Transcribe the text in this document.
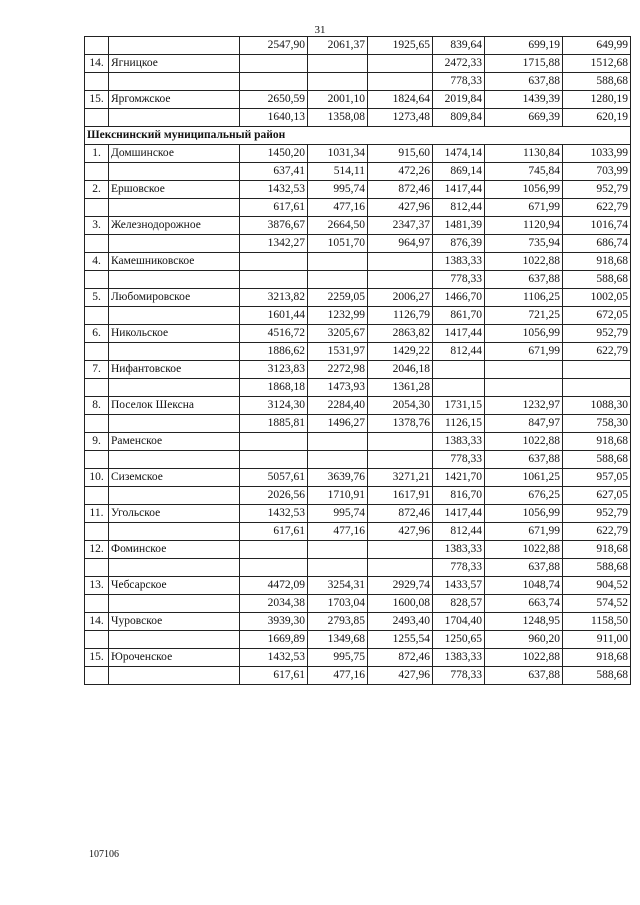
31
		2547,90	2061,37	1925,65	839,64	699,19	649,99
14.	Ягницкое				2472,33	1715,88	1512,68
					778,33	637,88	588,68
15.	Яргомжское	2650,59	2001,10	1824,64	2019,84	1439,39	1280,19
		1640,13	1358,08	1273,48	809,84	669,39	620,19
Шекснинский муниципальный район							
1.	Домшинское	1450,20	1031,34	915,60	1474,14	1130,84	1033,99
		637,41	514,11	472,26	869,14	745,84	703,99
2.	Ершовское	1432,53	995,74	872,46	1417,44	1056,99	952,79
		617,61	477,16	427,96	812,44	671,99	622,79
3.	Железнодорожное	3876,67	2664,50	2347,37	1481,39	1120,94	1016,74
		1342,27	1051,70	964,97	876,39	735,94	686,74
4.	Камешниковское				1383,33	1022,88	918,68
					778,33	637,88	588,68
5.	Любомировское	3213,82	2259,05	2006,27	1466,70	1106,25	1002,05
		1601,44	1232,99	1126,79	861,70	721,25	672,05
6.	Никольское	4516,72	3205,67	2863,82	1417,44	1056,99	952,79
		1886,62	1531,97	1429,22	812,44	671,99	622,79
7.	Нифантовское	3123,83	2272,98	2046,18			
		1868,18	1473,93	1361,28			
8.	Поселок Шексна	3124,30	2284,40	2054,30	1731,15	1232,97	1088,30
		1885,81	1496,27	1378,76	1126,15	847,97	758,30
9.	Раменское				1383,33	1022,88	918,68
					778,33	637,88	588,68
10.	Сиземское	5057,61	3639,76	3271,21	1421,70	1061,25	957,05
		2026,56	1710,91	1617,91	816,70	676,25	627,05
11.	Угольское	1432,53	995,74	872,46	1417,44	1056,99	952,79
		617,61	477,16	427,96	812,44	671,99	622,79
12.	Фоминское				1383,33	1022,88	918,68
					778,33	637,88	588,68
13.	Чебсарское	4472,09	3254,31	2929,74	1433,57	1048,74	904,52
		2034,38	1703,04	1600,08	828,57	663,74	574,52
14.	Чуровское	3939,30	2793,85	2493,40	1704,40	1248,95	1158,50
		1669,89	1349,68	1255,54	1250,65	960,20	911,00
15.	Юроченское	1432,53	995,75	872,46	1383,33	1022,88	918,68
		617,61	477,16	427,96	778,33	637,88	588,68
107106
